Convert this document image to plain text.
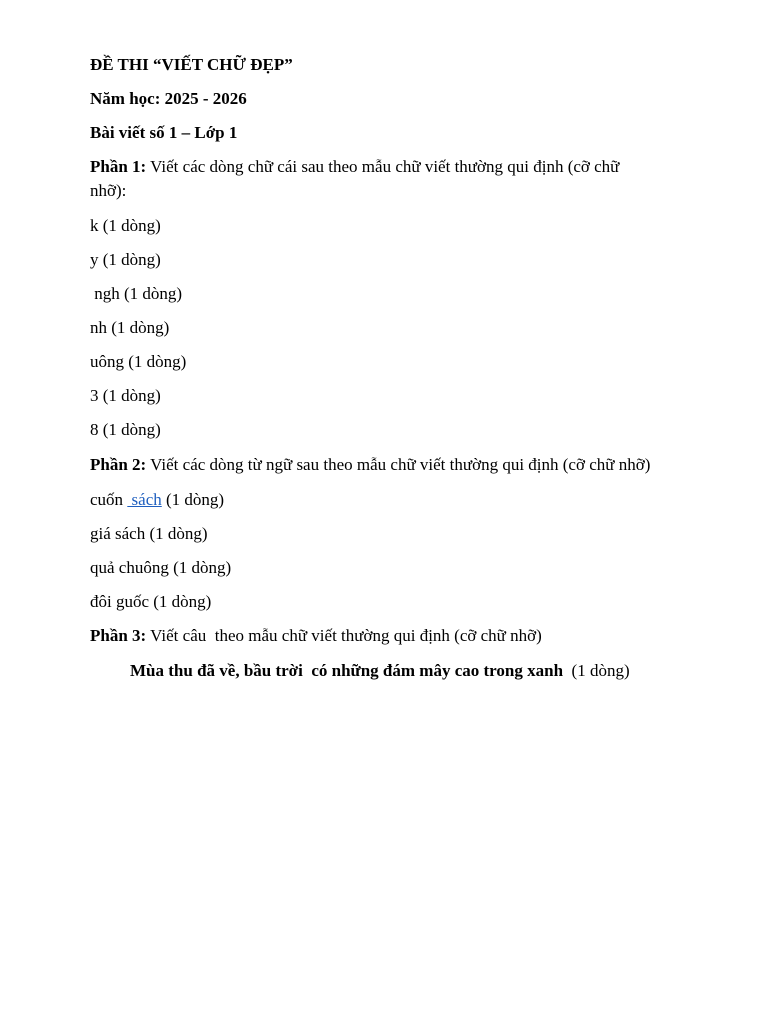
ĐỀ THI “VIẾT CHỮ ĐẸP”
Năm học: 2025 - 2026
Bài viết số 1 – Lớp 1
Phần 1: Viết các dòng chữ cái sau theo mẫu chữ viết thường qui định (cỡ chữ nhỡ):
k (1 dòng)
y (1 dòng)
ngh (1 dòng)
nh (1 dòng)
uông (1 dòng)
3 (1 dòng)
8 (1 dòng)
Phần 2: Viết các dòng từ ngữ sau theo mẫu chữ viết thường qui định (cỡ chữ nhỡ)
cuốn  sách (1 dòng)
giá sách (1 dòng)
quả chuông (1 dòng)
đôi guốc (1 dòng)
Phần 3: Viết câu  theo mẫu chữ viết thường qui định (cỡ chữ nhỡ)
Mùa thu đã về, bầu trời  có những đám mây cao trong xanh  (1 dòng)
